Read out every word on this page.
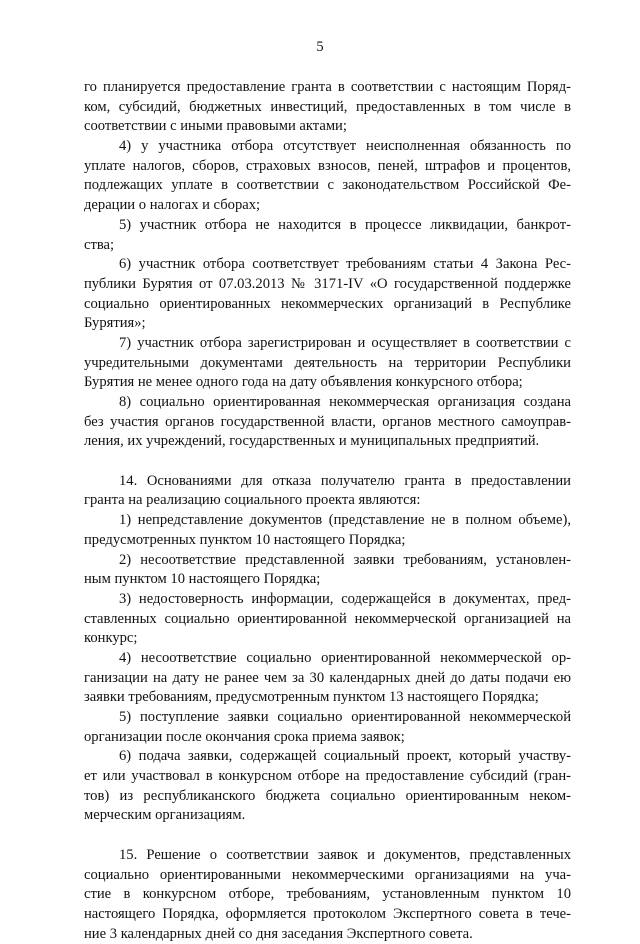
5
го планируется предоставление гранта в соответствии с настоящим Поряд-
ком, субсидий, бюджетных инвестиций, предоставленных в том числе в
соответствии с иными правовыми актами;
4) у участника отбора отсутствует неисполненная обязанность по
уплате налогов, сборов, страховых взносов, пеней, штрафов и процентов,
подлежащих уплате в соответствии с законодательством Российской Фе-
дерации о налогах и сборах;
5) участник отбора не находится в процессе ликвидации, банкрот-
ства;
6) участник отбора соответствует требованиям статьи 4 Закона Рес-
публики Бурятия от 07.03.2013 № 3171-IV «О государственной поддержке
социально ориентированных некоммерческих организаций в Республике
Бурятия»;
7) участник отбора зарегистрирован и осуществляет в соответствии с
учредительными документами деятельность на территории Республики
Бурятия не менее одного года на дату объявления конкурсного отбора;
8) социально ориентированная некоммерческая организация создана
без участия органов государственной власти, органов местного самоуправ-
ления, их учреждений, государственных и муниципальных предприятий.
14. Основаниями для отказа получателю гранта в предоставлении
гранта на реализацию социального проекта являются:
1) непредставление документов (представление не в полном объеме),
предусмотренных пунктом 10 настоящего Порядка;
2) несоответствие представленной заявки требованиям, установлен-
ным пунктом 10 настоящего Порядка;
3) недостоверность информации, содержащейся в документах, пред-
ставленных социально ориентированной некоммерческой организацией на
конкурс;
4) несоответствие социально ориентированной некоммерческой ор-
ганизации на дату не ранее чем за 30 календарных дней до даты подачи ею
заявки требованиям, предусмотренным пунктом 13 настоящего Порядка;
5) поступление заявки социально ориентированной некоммерческой
организации после окончания срока приема заявок;
6) подача заявки, содержащей социальный проект, который участву-
ет или участвовал в конкурсном отборе на предоставление субсидий (гран-
тов) из республиканского бюджета социально ориентированным неком-
мерческим организациям.
15. Решение о соответствии заявок и документов, представленных
социально ориентированными некоммерческими организациями на уча-
стие в конкурсном отборе, требованиям, установленным пунктом 10
настоящего Порядка, оформляется протоколом Экспертного совета в тече-
ние 3 календарных дней со дня заседания Экспертного совета.
